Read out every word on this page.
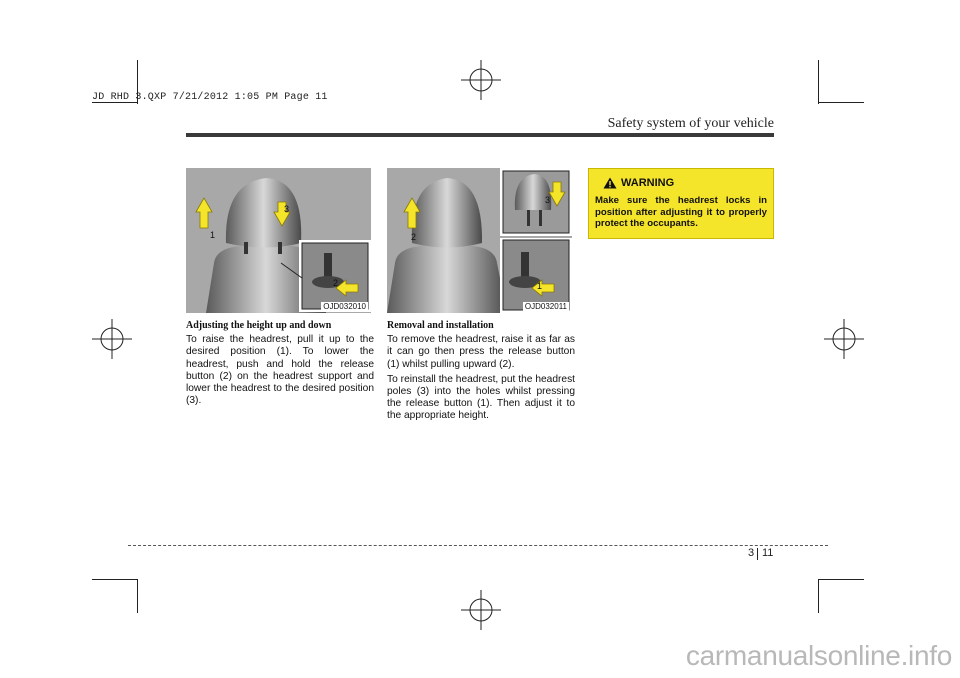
JD RHD 3.QXP 7/21/2012 1:05 PM Page 11
Safety system of your vehicle
1
3
2
OJD032010
2
3
1
OJD032011
Adjusting the height up and down

To raise the headrest, pull it up to the desired position (1). To lower the headrest, push and hold the release button (2) on the headrest support and lower the headrest to the desired position (3).

Removal and installation

To remove the headrest, raise it as far as it can go then press the release button (1) whilst pulling upward (2).

To reinstall the headrest, put the headrest poles (3) into the holes whilst pressing the release button (1). Then adjust it to the appropriate height.

WARNING
Make sure the headrest locks in position after adjusting it to properly protect the occupants.
3 11
carmanualsonline.info
